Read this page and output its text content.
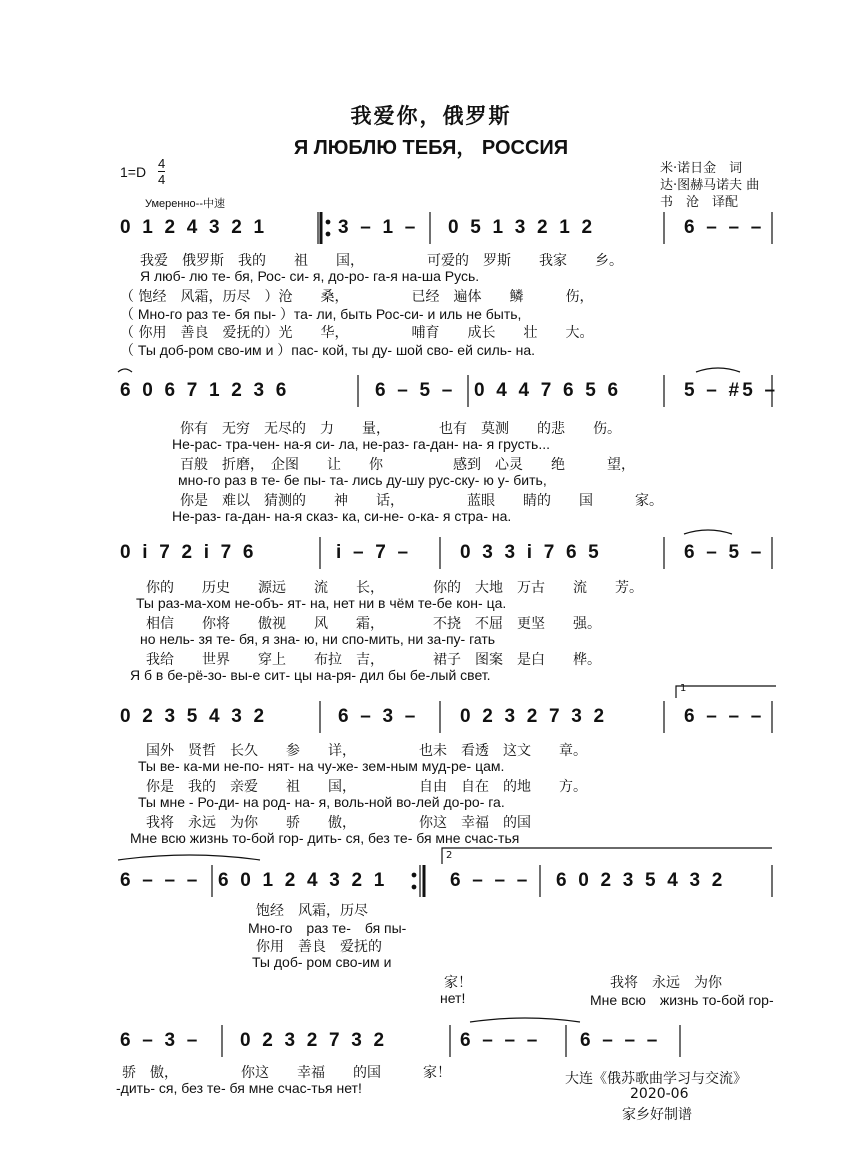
我爱你，俄罗斯
Я ЛЮБЛЮ ТЕБЯ， РОССИЯ
$1=D \frac{4}{4}$
Умеренно--中速
米·诺日金　词
达·图赫马诺夫 曲
书　沧　译配
0 1 2 4 3 2 1	3 – 1 – 0 5 1 3 2 1 2	6 – – –
我爱　俄罗斯　我的　　祖　　国，　　　　　可爱的　罗斯　　我家　　乡。
Я люб- лю те- бя, Рос- си- я, до-ро- га-я на-ша Русь.
（ 饱经　风霜，历尽　）沧　　桑，　　　　　已经　遍体　　鳞　　　伤，
（ Мно-го раз те- бя пы- ）та- ли, быть Рос-си- и иль не быть,
（ 你用　善良　爱抚的）光　　华，　　　　　哺育　　成长　　壮　　大。
（ Ты доб-ром сво-им и ）пас- кой, ты ду- шой сво- ей силь- на.
6 0 6 7 1 2 3 6	6 – 5 – 0 4 4 7 6 5 6	5 – #5 –
你有　无穷　无尽的　力　　量，　　　　也有　莫测　　的悲　　伤。
Не-рас- тра-чен- на-я си- ла, не-раз- га-дан- на- я грусть...
百般　折磨，　企图　　让　　你　　　　　感到　心灵　　绝　　　望，
мно-го раз в те- бе пы- та- лись ду-шу рус-ску- ю у- бить,
你是　难以　猜测的　　神　　话，　　　　　蓝眼　　睛的　　国　　　家。
Не-раз- га-дан- на-я сказ- ка, си-не- о-ка- я стра- на.
0 i 7 2 i 7 6	i – 7 –	0 3 3 i 7 6 5	6 – 5 –
你的　　历史　　源远　　流　　长，　　　　你的　大地　万古　　流　　芳。
Ты раз-ма-хом не-объ- ят- на, нет ни в чём те-бе кон- ца.
相信　　你将　　傲视　　风　　霜，　　　　不挠　不屈　更坚　　强。
но нель- зя те- бя, я зна- ю, ни спо-мить, ни за-пу- гать
我给　　世界　　穿上　　布拉　吉，　　　　裙子　图案　是白　　桦。
Я б в бе-рё-зо- вы-е сит- цы на-ря- дил бы бе-лый свет.
0 2 3 5 4 3 2	6 – 3 – 0 2 3 2 7 3 2	6 – – –
国外　贤哲　长久　　参　　详，　　　　　也未　看透　这文　　章。
Ты ве- ка-ми не-по- нят- на чу-же- зем-ным муд-ре- цам.
你是　我的　亲爱　　祖　　国，　　　　　自由　自在　的地　　方。
Ты мне - Ро-ди- на род- на- я, воль-ной во-лей до-ро- га.
我将　永远　为你　　骄　　傲，　　　　　你这　幸福　的国
Мне всю жизнь то-бой гор- дить- ся, без те- бя мне счас-тья
6 – – – 6 0 1 2 4 3 2 1	6 – – – 6 0 2 3 5 4 3 2
饱经　风霜，历尽
Мно-го　раз те-　бя пы-
你用　善良　爱抚的
Ты доб- ром сво-им и
家！
нет!
我将　永远　为你
Мне всю　жизнь то-бой гор-
6 – 3 – 0 2 3 2 7 3 2	6 – – – 6 – – –
骄　傲，　　　　　你这　　幸福　　的国　　　家！
-дить- ся, без те- бя мне счас-тья нет!
大连《俄苏歌曲学习与交流》
2020-06
家乡好制谱
1
2
